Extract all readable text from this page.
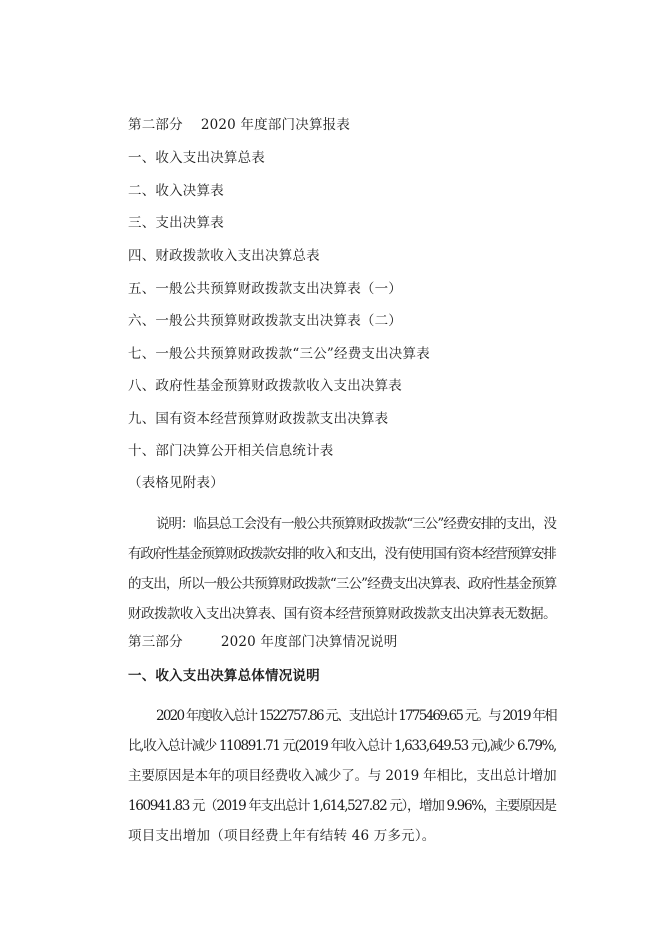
第二部分 2020 年度部门决算报表
一、收入支出决算总表
二、收入决算表
三、支出决算表
四、财政拨款收入支出决算总表
五、一般公共预算财政拨款支出决算表（一）
六、一般公共预算财政拨款支出决算表（二）
七、一般公共预算财政拨款“三公”经费支出决算表
八、政府性基金预算财政拨款收入支出决算表
九、国有资本经营预算财政拨款支出决算表
十、部门决算公开相关信息统计表
（表格见附表）
说明：临县总工会没有一般公共预算财政拨款“三公”经费安排的支出，没
有政府性基金预算财政拨款安排的收入和支出，没有使用国有资本经营预算安排
的支出，所以一般公共预算财政拨款“三公”经费支出决算表、政府性基金预算
财政拨款收入支出决算表、国有资本经营预算财政拨款支出决算表无数据。
第三部分	2020 年度部门决算情况说明
一、收入支出决算总体情况说明
2020 年度收入总计 1522757.86 元、支出总计 1775469.65 元。与 2019 年相
比,收入总计减少 110891.71 元(2019 年收入总计 1,633,649.53 元),减少 6.79%,
主要原因是本年的项目经费收入减少了。与 2019 年相比，支出总计增加
160941.83 元（2019 年支出总计 1,614,527.82 元），增加 9.96%，主要原因是
项目支出增加（项目经费上年有结转 46 万多元）。
